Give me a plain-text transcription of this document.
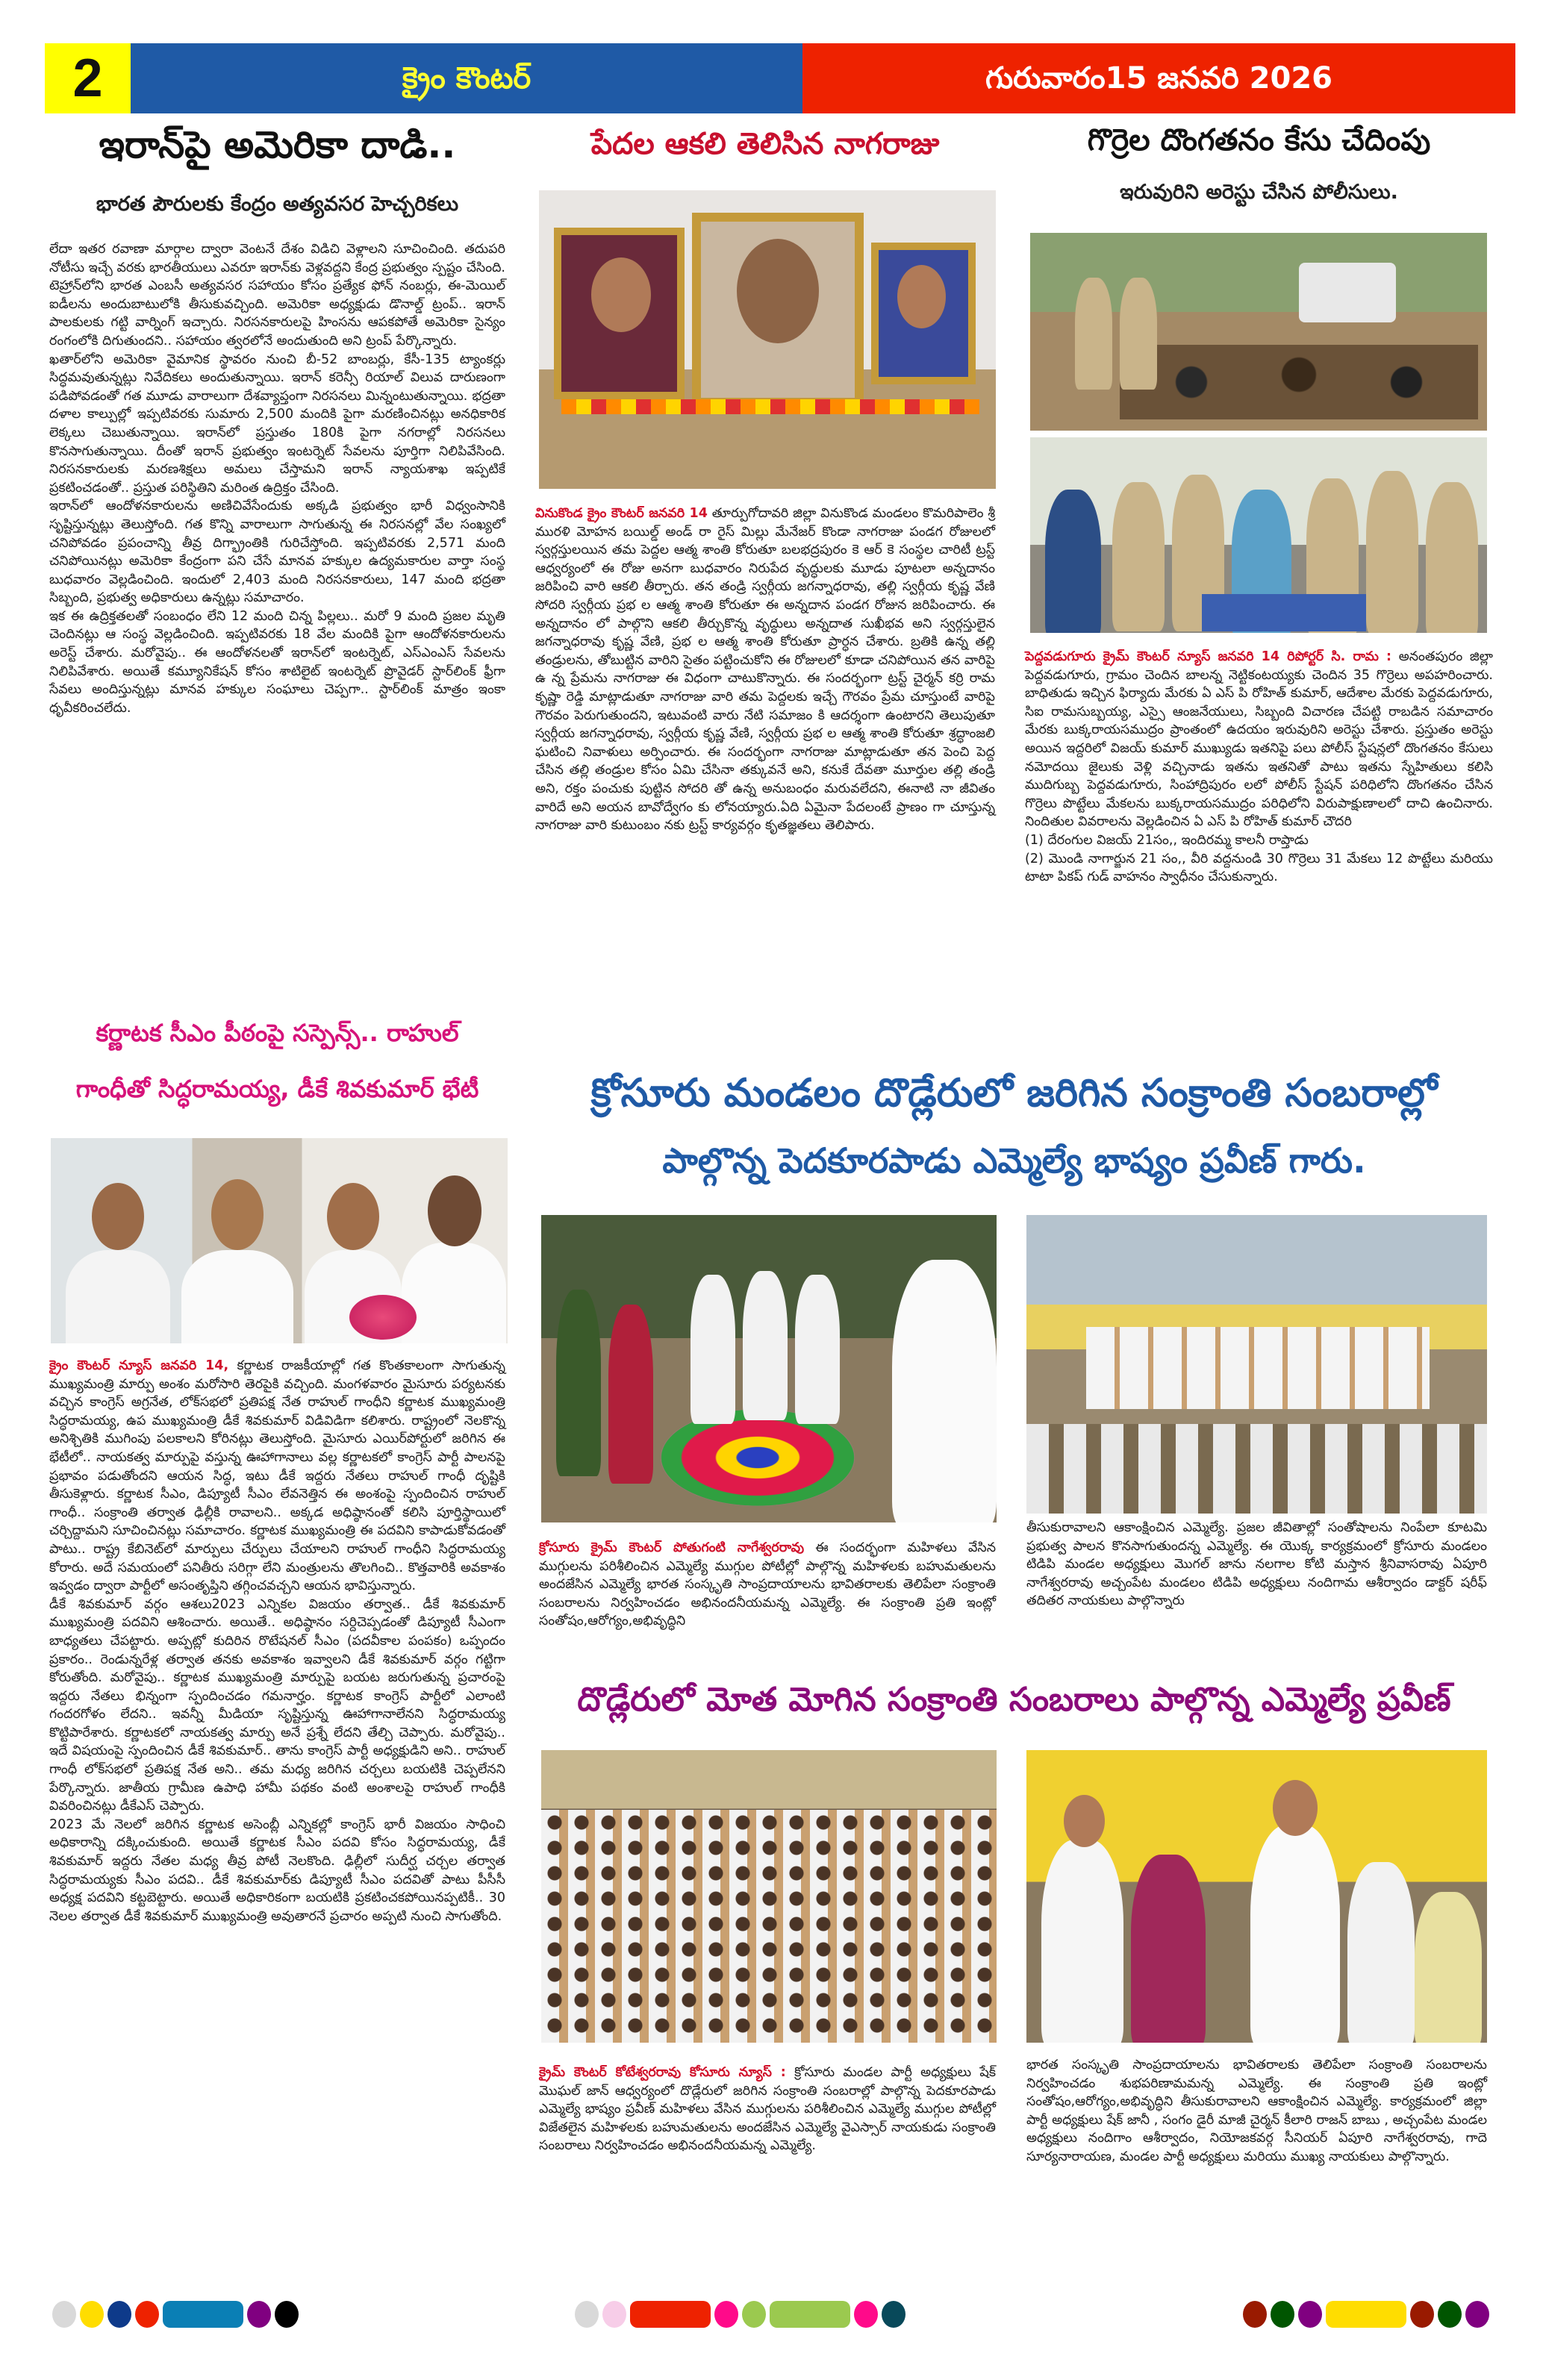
2	క్రైం కౌంటర్	గురువారం15 జనవరి 2026
ఇరాన్‌పై అమెరికా దాడి..
భారత పౌరులకు కేంద్రం అత్యవసర హెచ్చరికలు

లేదా ఇతర రవాణా మార్గాల ద్వారా వెంటనే దేశం విడిచి వెళ్లాలని సూచించింది. తదుపరి నోటీసు ఇచ్చే వరకు భారతీయులు ఎవరూ ఇరాన్‌కు వెళ్లవద్దని కేంద్ర ప్రభుత్వం స్పష్టం చేసింది. టెహ్రాన్‌లోని భారత ఎంబసీ అత్యవసర సహాయం కోసం ప్రత్యేక ఫోన్ నంబర్లు, ఈ-మెయిల్ ఐడీలను అందుబాటులోకి తీసుకువచ్చింది. అమెరికా అధ్యక్షుడు డొనాల్డ్ ట్రంప్.. ఇరాన్ పాలకులకు గట్టి వార్నింగ్ ఇచ్చారు. నిరసనకారులపై హింసను ఆపకపోతే అమెరికా సైన్యం రంగంలోకి దిగుతుందని.. సహాయం త్వరలోనే అందుతుంది అని ట్రంప్ పేర్కొన్నారు.

ఖతార్‌లోని అమెరికా వైమానిక స్థావరం నుంచి బీ-52 బాంబర్లు, కేసీ-135 ట్యాంకర్లు సిద్ధమవుతున్నట్లు నివేదికలు అందుతున్నాయి. ఇరాన్ కరెన్సీ రియాల్ విలువ దారుణంగా పడిపోవడంతో గత మూడు వారాలుగా దేశవ్యాప్తంగా నిరసనలు మిన్నంటుతున్నాయి. భద్రతా దళాల కాల్పుల్లో ఇప్పటివరకు సుమారు 2,500 మందికి పైగా మరణించినట్లు అనధికారిక లెక్కలు చెబుతున్నాయి. ఇరాన్‌లో ప్రస్తుతం 180కి పైగా నగరాల్లో నిరసనలు కొనసాగుతున్నాయి. దీంతో ఇరాన్ ప్రభుత్వం ఇంటర్నెట్ సేవలను పూర్తిగా నిలిపివేసింది. నిరసనకారులకు మరణశిక్షలు అమలు చేస్తామని ఇరాన్ న్యాయశాఖ ఇప్పటికే ప్రకటించడంతో.. ప్రస్తుత పరిస్థితిని మరింత ఉద్రిక్తం చేసింది.

ఇరాన్‌లో ఆందోళనకారులను అణిచివేసేందుకు అక్కడి ప్రభుత్వం భారీ విధ్వంసానికి సృష్టిస్తున్నట్లు తెలుస్తోంది. గత కొన్ని వారాలుగా సాగుతున్న ఈ నిరసనల్లో వేల సంఖ్యలో చనిపోవడం ప్రపంచాన్ని తీవ్ర దిగ్భ్రాంతికి గురిచేస్తోంది. ఇప్పటివరకు 2,571 మంది చనిపోయినట్లు అమెరికా కేంద్రంగా పని చేసే మానవ హక్కుల ఉద్యమకారుల వార్తా సంస్థ బుధవారం వెల్లడించింది. ఇందులో 2,403 మంది నిరసనకారులు, 147 మంది భద్రతా సిబ్బంది, ప్రభుత్వ అధికారులు ఉన్నట్లు సమాచారం.

ఇక ఈ ఉద్రిక్తతలతో సంబంధం లేని 12 మంది చిన్న పిల్లలు.. మరో 9 మంది ప్రజల మృతి చెందినట్లు ఆ సంస్థ వెల్లడించింది. ఇప్పటివరకు 18 వేల మందికి పైగా ఆందోళనకారులను అరెస్ట్ చేశారు. మరోవైపు.. ఈ ఆందోళనలతో ఇరాన్‌లో ఇంటర్నెట్, ఎస్ఎంఎస్ సేవలను నిలిపివేశారు. అయితే కమ్యూనికేషన్ కోసం శాటిలైట్ ఇంటర్నెట్ ప్రొవైడర్ స్టార్‌లింక్ ఫ్రీగా సేవలు అందిస్తున్నట్లు మానవ హక్కుల సంఘాలు చెప్పగా.. స్టార్‌లింక్ మాత్రం ఇంకా ధృవీకరించలేదు.

కర్ణాటక సీఎం పీఠంపై సస్పెన్స్.. రాహుల్
గాంధీతో సిద్ధరామయ్య, డీకే శివకుమార్ భేటీ

క్రైం కౌంటర్ న్యూస్ జనవరి 14, కర్ణాటక రాజకీయాల్లో గత కొంతకాలంగా సాగుతున్న ముఖ్యమంత్రి మార్పు అంశం మరోసారి తెరపైకి వచ్చింది. మంగళవారం మైసూరు పర్యటనకు వచ్చిన కాంగ్రెస్ అగ్రనేత, లోక్‌సభలో ప్రతిపక్ష నేత రాహుల్ గాంధీని కర్ణాటక ముఖ్యమంత్రి సిద్ధరామయ్య, ఉప ముఖ్యమంత్రి డీకే శివకుమార్ విడివిడిగా కలిశారు. రాష్ట్రంలో నెలకొన్న అనిశ్చితికి ముగింపు పలకాలని కోరినట్లు తెలుస్తోంది. మైసూరు ఎయిర్‌పోర్టులో జరిగిన ఈ భేటీలో.. నాయకత్వ మార్పుపై వస్తున్న ఊహాగానాలు వల్ల కర్ణాటకలో కాంగ్రెస్ పార్టీ పాలనపై ప్రభావం పడుతోందని ఆయన సిద్ధ, ఇటు డీకే ఇద్దరు నేతలు రాహుల్ గాంధీ దృష్టికి తీసుకెళ్లారు. కర్ణాటక సీఎం, డిప్యూటీ సీఎం లేవనెత్తిన ఈ అంశంపై స్పందించిన రాహుల్ గాంధీ.. సంక్రాంతి తర్వాత ఢిల్లీకి రావాలని.. అక్కడ అధిష్ఠానంతో కలిసి పూర్తిస్థాయిలో చర్చిద్దామని సూచించినట్లు సమాచారం. కర్ణాటక ముఖ్యమంత్రి ఈ పదవిని కాపాడుకోవడంతో పాటు.. రాష్ట్ర కేబినెట్‌లో మార్పులు చేర్పులు చేయాలని రాహుల్ గాంధీని సిద్ధరామయ్య కోరారు. అదే సమయంలో పనితీరు సరిగ్గా లేని మంత్రులను తొలగించి.. కొత్తవారికి అవకాశం ఇవ్వడం ద్వారా పార్టీలో అసంతృప్తిని తగ్గించవచ్చని ఆయన భావిస్తున్నారు.

డీకే శివకుమార్ వర్గం ఆశలు2023 ఎన్నికల విజయం తర్వాత.. డీకే శివకుమార్ ముఖ్యమంత్రి పదవిని ఆశించారు. అయితే.. అధిష్ఠానం సర్దిచెప్పడంతో డిప్యూటీ సీఎంగా బాధ్యతలు చేపట్టారు. అప్పట్లో కుదిరిన రొటేషనల్ సీఎం (పదవీకాల పంపకం) ఒప్పందం ప్రకారం.. రెండున్నరేళ్ల తర్వాత తనకు అవకాశం ఇవ్వాలని డీకే శివకుమార్ వర్గం గట్టిగా కోరుతోంది. మరోవైపు.. కర్ణాటక ముఖ్యమంత్రి మార్పుపై బయట జరుగుతున్న ప్రచారంపై ఇద్దరు నేతలు భిన్నంగా స్పందించడం గమనార్హం. కర్ణాటక కాంగ్రెస్ పార్టీలో ఎలాంటి గందరగోళం లేదని.. ఇవన్నీ మీడియా సృష్టిస్తున్న ఊహాగానాలేనని సిద్ధరామయ్య కొట్టిపారేశారు. కర్ణాటకలో నాయకత్వ మార్పు అనే ప్రశ్నే లేదని తేల్చి చెప్పారు. మరోవైపు.. ఇదే విషయంపై స్పందించిన డీకే శివకుమార్.. తాను కాంగ్రెస్ పార్టీ అధ్యక్షుడిని అని.. రాహుల్ గాంధీ లోక్‌సభలో ప్రతిపక్ష నేత అని.. తమ మధ్య జరిగిన చర్చలు బయటికి చెప్పలేనని పేర్కొన్నారు. జాతీయ గ్రామీణ ఉపాధి హామీ పథకం వంటి అంశాలపై రాహుల్ గాంధీకి వివరించినట్లు డీకేఎస్ చెప్పారు.

2023 మే నెలలో జరిగిన కర్ణాటక అసెంబ్లీ ఎన్నికల్లో కాంగ్రెస్ భారీ విజయం సాధించి అధికారాన్ని దక్కించుకుంది. అయితే కర్ణాటక సీఎం పదవి కోసం సిద్ధరామయ్య, డీకే శివకుమార్ ఇద్దరు నేతల మధ్య తీవ్ర పోటీ నెలకొంది. ఢిల్లీలో సుదీర్ఘ చర్చల తర్వాత సిద్ధరామయ్యకు సీఎం పదవి.. డీకే శివకుమార్‌కు డిప్యూటీ సీఎం పదవితో పాటు పీసీసీ అధ్యక్ష పదవిని కట్టబెట్టారు. అయితే అధికారికంగా బయటికి ప్రకటించకపోయినప్పటికీ.. 30 నెలల తర్వాత డీకే శివకుమార్ ముఖ్యమంత్రి అవుతారనే ప్రచారం అప్పటి నుంచి సాగుతోంది.

పేదల ఆకలి తెలిసిన నాగరాజు

వినుకొండ క్రైం కౌంటర్ జనవరి 14 తూర్పుగోదావరి జిల్లా వినుకొండ మండలం కొమరిపాలెం శ్రీ మురళి మోహన బయిల్డ్ అండ్ రా రైస్ మిల్లు మేనేజర్ కొండా నాగరాజు పండగ రోజులలో స్వర్గస్తులయిన తమ పెద్దల ఆత్మ శాంతి కోరుతూ బలభద్రపురం కె ఆర్ కె సంస్థల చారిటీ ట్రస్ట్ ఆధ్వర్యంలో ఈ రోజు అనగా బుధవారం నిరుపేద వృద్ధులకు మూడు పూటలా అన్నదానం జరిపించి వారి ఆకలి తీర్చారు. తన తండ్రి స్వర్గీయ జగన్నాధరావు, తల్లి స్వర్గీయ కృష్ణ వేణి సోదరి స్వర్గీయ ప్రభ ల ఆత్మ శాంతి కోరుతూ ఈ అన్నదాన పండగ రోజున జరిపించారు. ఈ అన్నదానం లో పాల్గొని ఆకలి తీర్చుకొన్న వృద్ధులు అన్నదాత సుఖీభవ అని స్వర్గస్తులైన జగన్నాధరావు కృష్ణ వేణి, ప్రభ ల ఆత్మ శాంతి కోరుతూ ప్రార్ధన చేశారు. బ్రతికి ఉన్న తల్లి తండ్రులను, తోబుట్టిన వారిని సైతం పట్టించుకోని ఈ రోజులలో కూడా చనిపోయిన తన వారిపై ఉ న్న ప్రేమను నాగరాజు ఈ విధంగా చాటుకొన్నారు. ఈ సందర్భంగా ట్రస్ట్ చైర్మన్ కర్రి రామ కృష్ణా రెడ్డి మాట్లాడుతూ నాగరాజు వారి తమ పెద్దలకు ఇచ్చే గౌరవం ప్రేమ చూస్తుంటే వారిపై గౌరవం పెరుగుతుందని, ఇటువంటి వారు నేటి సమాజం కి ఆదర్శంగా ఉంటారని తెలుపుతూ స్వర్గీయ జగన్నాధరావు, స్వర్గీయ కృష్ణ వేణి, స్వర్గీయ ప్రభ ల ఆత్మ శాంతి కోరుతూ శ్రద్ధాంజలి ఘటించి నివాళులు అర్పించారు. ఈ సందర్భంగా నాగరాజు మాట్లాడుతూ తన పెంచి పెద్ద చేసిన తల్లి తండ్రుల కోసం ఏమి చేసినా తక్కువనే అని, కనుకే దేవతా మూర్తుల తల్లి తండ్రి అని, రక్తం పంచుకు పుట్టిన సోదరి తో ఉన్న అనుబంధం మరువలేదని, ఈనాటి నా జీవితం వారిదే అని అయన బావోద్వేగం కు లోనయ్యారు.ఏది ఏమైనా పేదలంటే ప్రాణం గా చూస్తున్న నాగరాజు వారి కుటుంబం నకు ట్రస్ట్ కార్యవర్గం కృతజ్ఞతలు తెలిపారు.

గొర్రెల దొంగతనం కేసు చేదింపు
ఇరువురిని అరెస్టు చేసిన పోలీసులు.

పెద్దవడుగూరు క్రైమ్ కౌంటర్ న్యూస్ జనవరి 14 రిపోర్టర్ సి. రామ : అనంతపురం జిల్లా పెద్దవడుగూరు, గ్రామం చెందిన బాలన్న నెట్టికంటయ్యకు చెందిన 35 గొర్రెలు అపహరించారు. బాధితుడు ఇచ్చిన ఫిర్యాదు మేరకు ఏ ఎస్ పి రోహిత్ కుమార్, ఆదేశాల మేరకు పెద్దవడుగూరు, సిఐ రామసుబ్బయ్య, ఎస్సై ఆంజనేయులు, సిబ్బంది విచారణ చేపట్టి రాబడిన సమాచారం మేరకు బుక్కరాయసముద్రం ప్రాంతంలో ఉదయం ఇరువురిని అరెస్టు చేశారు. ప్రస్తుతం అరెస్టు అయిన ఇద్దరిలో విజయ్ కుమార్ ముఖ్యుడు ఇతనిపై పలు పోలీస్ స్టేషన్లలో దొంగతనం కేసులు నమోదయి జైలుకు వెళ్లి వచ్చినాడు ఇతను ఇతనితో పాటు ఇతను స్నేహితులు కలిసి ముదిగుబ్బ పెద్దవడుగూరు, సింహాద్రిపురం లలో పోలీస్ స్టేషన్ పరిధిలోని దొంగతనం చేసిన గొర్రెలు పొట్టేలు మేకలను బుక్కరాయసముద్రం పరిధిలోని విరుపాక్షుణాలలో దాచి ఉంచినారు. నిందితుల వివరాలను వెల్లడించిన ఏ ఎస్ పి రోహిత్ కుమార్ చౌదరి

(1) దేరంగుల విజయ్ 21సం,, ఇందిరమ్మ కాలనీ రాప్తాడు

(2) మొండి నాగార్జున 21 సం,, వీరి వద్దనుండి 30 గొర్రెలు 31 మేకలు 12 పొట్టేలు మరియు టాటా పికప్ గుడ్ వాహనం స్వాధీనం చేసుకున్నారు.

క్రోసూరు మండలం దొడ్లేరులో జరిగిన సంక్రాంతి సంబరాల్లో
పాల్గొన్న పెదకూరపాడు ఎమ్మెల్యే భాష్యం ప్రవీణ్ గారు.

క్రోసూరు క్రైమ్ కౌంటర్ పోతుగంటి నాగేశ్వరరావు ఈ సందర్భంగా మహిళలు వేసిన ముగ్గులను పరిశీలించిన ఎమ్మెల్యే ముగ్గుల పోటీల్లో పాల్గొన్న మహిళలకు బహుమతులను అందజేసిన ఎమ్మెల్యే భారత సంస్కృతి సాంప్రదాయాలను భావితరాలకు తెలిపేలా సంక్రాంతి సంబరాలను నిర్వహించడం అభినందనీయమన్న ఎమ్మెల్యే. ఈ సంక్రాంతి ప్రతి ఇంట్లో సంతోషం,ఆరోగ్యం,అభివృద్ధిని

తీసుకురావాలని ఆకాంక్షించిన ఎమ్మెల్యే. ప్రజల జీవితాల్లో సంతోషాలను నింపేలా కూటమి ప్రభుత్వ పాలన కొనసాగుతుందన్న ఎమ్మెల్యే. ఈ యొక్క కార్యక్రమంలో క్రోసూరు మండలం టిడిపి మండల అధ్యక్షులు మొగల్ జాను నలగాల కోటి మస్తాన శ్రీనివాసరావు ఏపూరి నాగేశ్వరరావు అచ్చంపేట మండలం టిడిపి అధ్యక్షులు నందిగామ ఆశీర్వాదం డాక్టర్ షరీఫ్ తదితర నాయకులు పాల్గొన్నారు

దొడ్లేరులో మోత మోగిన సంక్రాంతి సంబరాలు పాల్గొన్న ఎమ్మెల్యే ప్రవీణ్

క్రైమ్ కౌంటర్ కోటేశ్వరరావు కోసూరు న్యూస్ : క్రోసూరు మండల పార్టీ అధ్యక్షులు షేక్ మొఘల్ జాన్ ఆధ్వర్యంలో దొడ్లేరులో జరిగిన సంక్రాంతి సంబరాల్లో పాల్గొన్న పెదకూరపాడు ఎమ్మెల్యే భాష్యం ప్రవీణ్ మహిళలు వేసిన ముగ్గులను పరిశీలించిన ఎమ్మెల్యే ముగ్గుల పోటీల్లో విజేతలైన మహిళలకు బహుమతులను అందజేసిన ఎమ్మెల్యే వైఎస్సార్ నాయకుడు సంక్రాంతి సంబరాలు నిర్వహించడం అభినందనీయమన్న ఎమ్మెల్యే.

భారత సంస్కృతి సాంప్రదాయాలను భావితరాలకు తెలిపేలా సంక్రాంతి సంబరాలను నిర్వహించడం శుభపరిణామమన్న ఎమ్మెల్యే. ఈ సంక్రాంతి ప్రతి ఇంట్లో సంతోషం,ఆరోగ్యం,అభివృద్ధిని తీసుకురావాలని ఆకాంక్షించిన ఎమ్మెల్యే. కార్యక్రమంలో జిల్లా పార్టీ అధ్యక్షులు షేక్ జానీ , సంగం డైరీ మాజీ చైర్మన్ కీలారి రాజన్ బాబు , అచ్చంపేట మండల అధ్యక్షులు నందిగాం ఆశీర్వాదం, నియోజకవర్గ సీనియర్ ఏపూరి నాగేశ్వరరావు, గాదె సూర్యనారాయణ, మండల పార్టీ అధ్యక్షులు మరియు ముఖ్య నాయకులు పాల్గొన్నారు.
